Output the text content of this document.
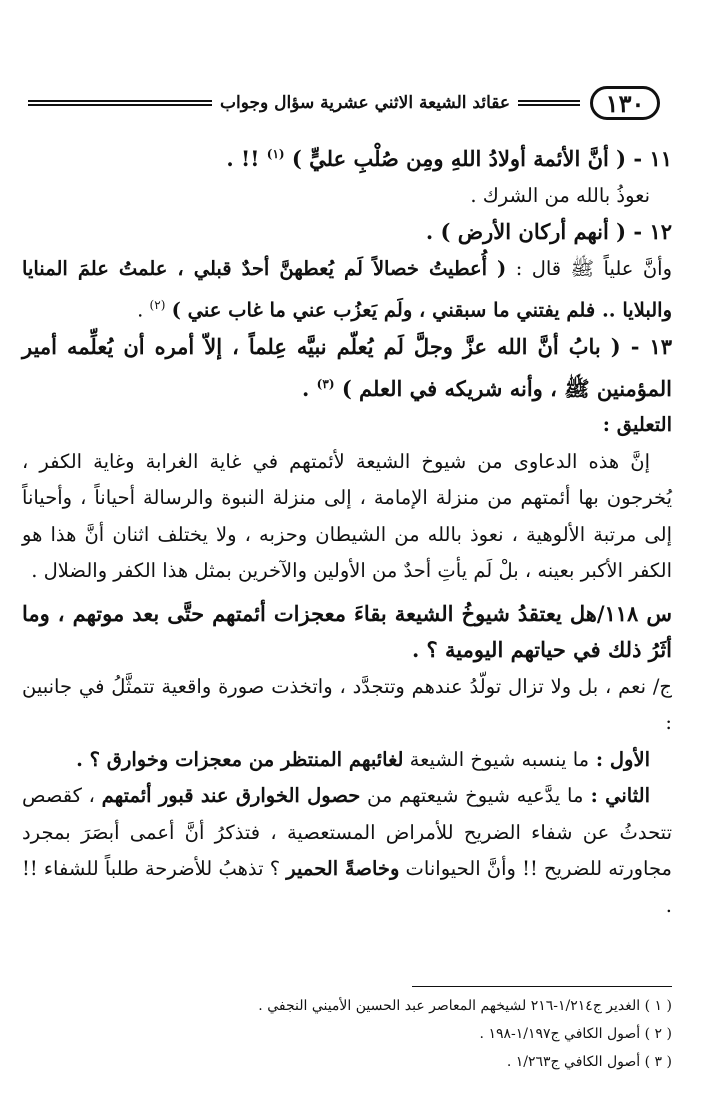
١٣٠
عقائد الشيعة الاثني عشرية سؤال وجواب

١١ - ( أنَّ الأئمة أولادُ اللهِ ومِن صُلْبِ عليٍّ ) $^{(١)}$ !! .

نعوذُ بالله من الشرك .

١٢ - ( أنهم أركان الأرض ) .

وأنَّ علياً ﷺ قال : ( أُعطيتُ خصالاً لَم يُعطهنَّ أحدٌ قبلي ، علمتُ علمَ المنايا والبلايا .. فلم يفتني ما سبقني ، ولَم يَعزُب عني ما غاب عني ) $^{(٢)}$ .

١٣ - ( بابُ أنَّ الله عزَّ وجلَّ لَم يُعلّم نبيَّه عِلماً ، إلاّ أمره أن يُعلِّمه أمير المؤمنين ﷺ ، وأنه شريكه في العلم ) $^{(٣)}$ .

التعليق :

إنَّ هذه الدعاوى من شيوخ الشيعة لأئمتهم في غاية الغرابة وغاية الكفر ، يُخرجون بها أئمتهم من منزلة الإمامة ، إلى منزلة النبوة والرسالة أحياناً ، وأحياناً إلى مرتبة الألوهية ، نعوذ بالله من الشيطان وحزبه ، ولا يختلف اثنان أنَّ هذا هو الكفر الأكبر بعينه ، بلْ لَم يأتِ أحدٌ من الأولين والآخرين بمثل هذا الكفر والضلال .

س ١١٨/هل يعتقدُ شيوخُ الشيعة بقاءَ معجزات أئمتهم حتَّى بعد موتهم ، وما أثَرُ ذلك في حياتهم اليومية ؟ .

ج/ نعم ، بل ولا تزال تولّدُ عندهم وتتجدَّد ، واتخذت صورة واقعية تتمثَّلُ في جانبين :

الأول : ما ينسبه شيوخ الشيعة لغائبهم المنتظر من معجزات وخوارق ؟ .

الثاني : ما يدَّعيه شيوخ شيعتهم من حصول الخوارق عند قبور أئمتهم ، كقصص تتحدثُ عن شفاء الضريح للأمراض المستعصية ، فتذكرُ أنَّ أعمى أبصَرَ بمجرد مجاورته للضريح !! وأنَّ الحيوانات وخاصةً الحمير ؟ تذهبُ للأضرحة طلباً للشفاء !! .

( ١ ) الغدير ج١/٢١٤-٢١٦ لشيخهم المعاصر عبد الحسين الأميني النجفي .
( ٢ ) أصول الكافي ج١/١٩٧-١٩٨ .
( ٣ ) أصول الكافي ج١/٢٦٣ .
